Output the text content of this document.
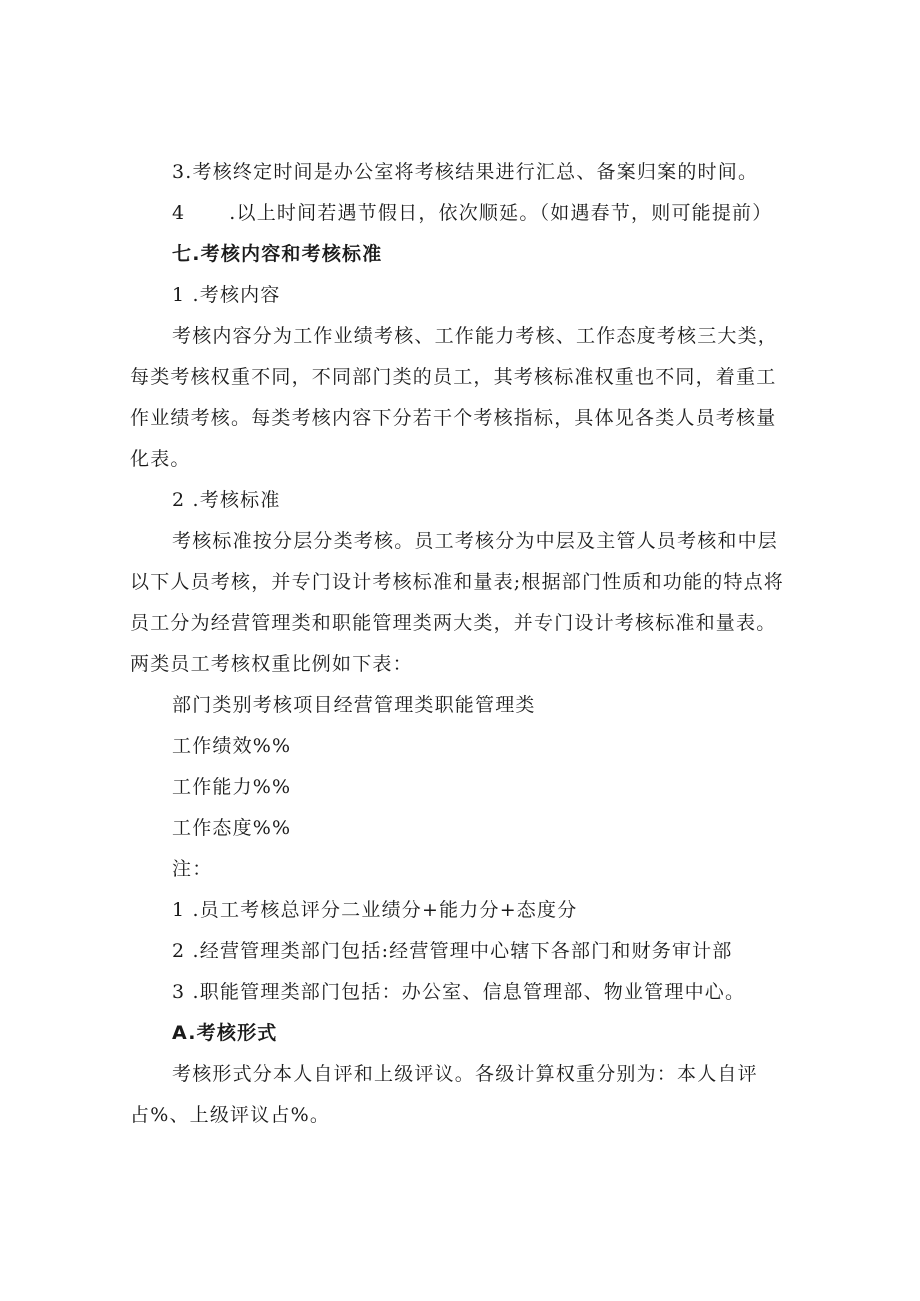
3.考核终定时间是办公室将考核结果进行汇总、备案归案的时间。
4 .以上时间若遇节假日，依次顺延。（如遇春节，则可能提前）
七.考核内容和考核标准
1 .考核内容
考核内容分为工作业绩考核、工作能力考核、工作态度考核三大类，
每类考核权重不同，不同部门类的员工，其考核标准权重也不同，着重工
作业绩考核。每类考核内容下分若干个考核指标，具体见各类人员考核量
化表。
2 .考核标准
考核标准按分层分类考核。员工考核分为中层及主管人员考核和中层
以下人员考核，并专门设计考核标准和量表;根据部门性质和功能的特点将
员工分为经营管理类和职能管理类两大类，并专门设计考核标准和量表。
两类员工考核权重比例如下表：
部门类别考核项目经营管理类职能管理类
工作绩效%%
工作能力%%
工作态度%%
注：
1 .员工考核总评分二业绩分+能力分+态度分
2 .经营管理类部门包括:经营管理中心辖下各部门和财务审计部
3 .职能管理类部门包括：办公室、信息管理部、物业管理中心。
A.考核形式
考核形式分本人自评和上级评议。各级计算权重分别为：本人自评
占%、上级评议占%。
